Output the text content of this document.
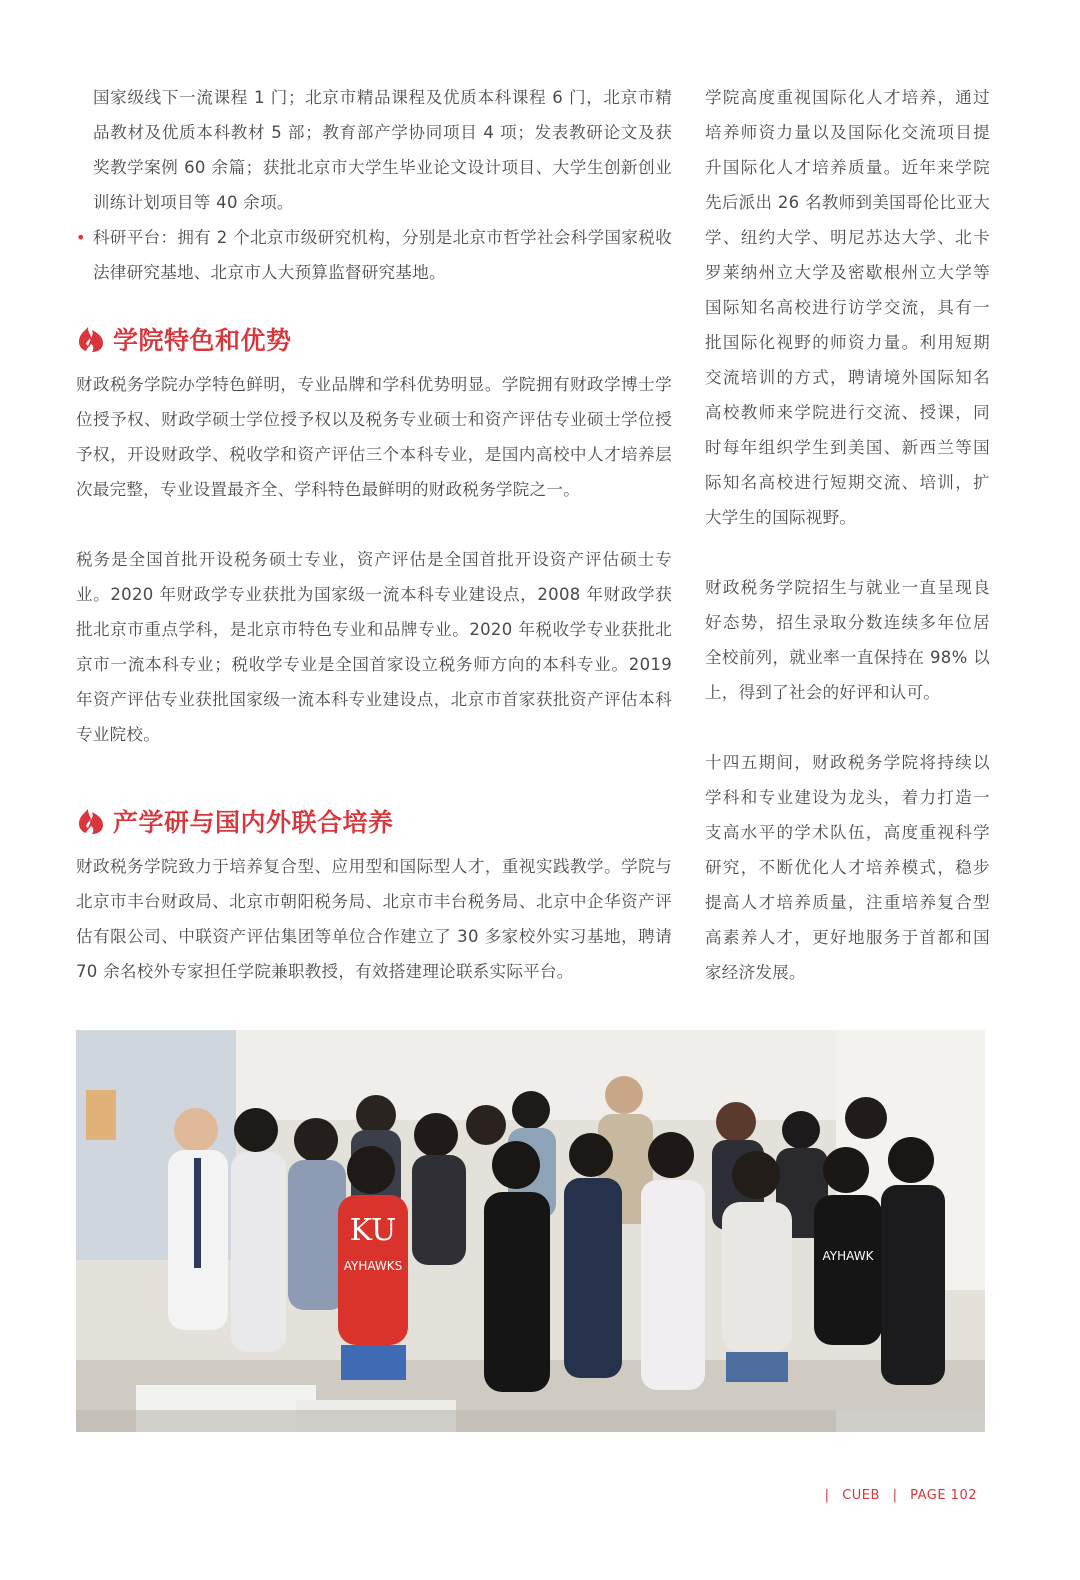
国家级线下一流课程 1 门；北京市精品课程及优质本科课程 6 门，北京市精品教材及优质本科教材 5 部；教育部产学协同项目 4 项；发表教研论文及获奖教学案例 60 余篇；获批北京市大学生毕业论文设计项目、大学生创新创业训练计划项目等 40 余项。

• 科研平台：拥有 2 个北京市级研究机构，分别是北京市哲学社会科学国家税收法律研究基地、北京市人大预算监督研究基地。

学院特色和优势

财政税务学院办学特色鲜明，专业品牌和学科优势明显。学院拥有财政学博士学位授予权、财政学硕士学位授予权以及税务专业硕士和资产评估专业硕士学位授予权，开设财政学、税收学和资产评估三个本科专业，是国内高校中人才培养层次最完整，专业设置最齐全、学科特色最鲜明的财政税务学院之一。

税务是全国首批开设税务硕士专业，资产评估是全国首批开设资产评估硕士专业。2020 年财政学专业获批为国家级一流本科专业建设点，2008 年财政学获批北京市重点学科，是北京市特色专业和品牌专业。2020 年税收学专业获批北京市一流本科专业；税收学专业是全国首家设立税务师方向的本科专业。2019 年资产评估专业获批国家级一流本科专业建设点，北京市首家获批资产评估本科专业院校。

产学研与国内外联合培养

财政税务学院致力于培养复合型、应用型和国际型人才，重视实践教学。学院与北京市丰台财政局、北京市朝阳税务局、北京市丰台税务局、北京中企华资产评估有限公司、中联资产评估集团等单位合作建立了 30 多家校外实习基地，聘请 70 余名校外专家担任学院兼职教授，有效搭建理论联系实际平台。

学院高度重视国际化人才培养，通过培养师资力量以及国际化交流项目提升国际化人才培养质量。近年来学院先后派出 26 名教师到美国哥伦比亚大学、纽约大学、明尼苏达大学、北卡罗莱纳州立大学及密歇根州立大学等国际知名高校进行访学交流，具有一批国际化视野的师资力量。利用短期交流培训的方式，聘请境外国际知名高校教师来学院进行交流、授课，同时每年组织学生到美国、新西兰等国际知名高校进行短期交流、培训，扩大学生的国际视野。

财政税务学院招生与就业一直呈现良好态势，招生录取分数连续多年位居全校前列，就业率一直保持在 98% 以上，得到了社会的好评和认可。

十四五期间，财政税务学院将持续以学科和专业建设为龙头，着力打造一支高水平的学术队伍，高度重视科学研究，不断优化人才培养模式，稳步提高人才培养质量，注重培养复合型高素养人才，更好地服务于首都和国家经济发展。

KU
AYHAWKS
AYHAWK
| CUEB | PAGE 102
